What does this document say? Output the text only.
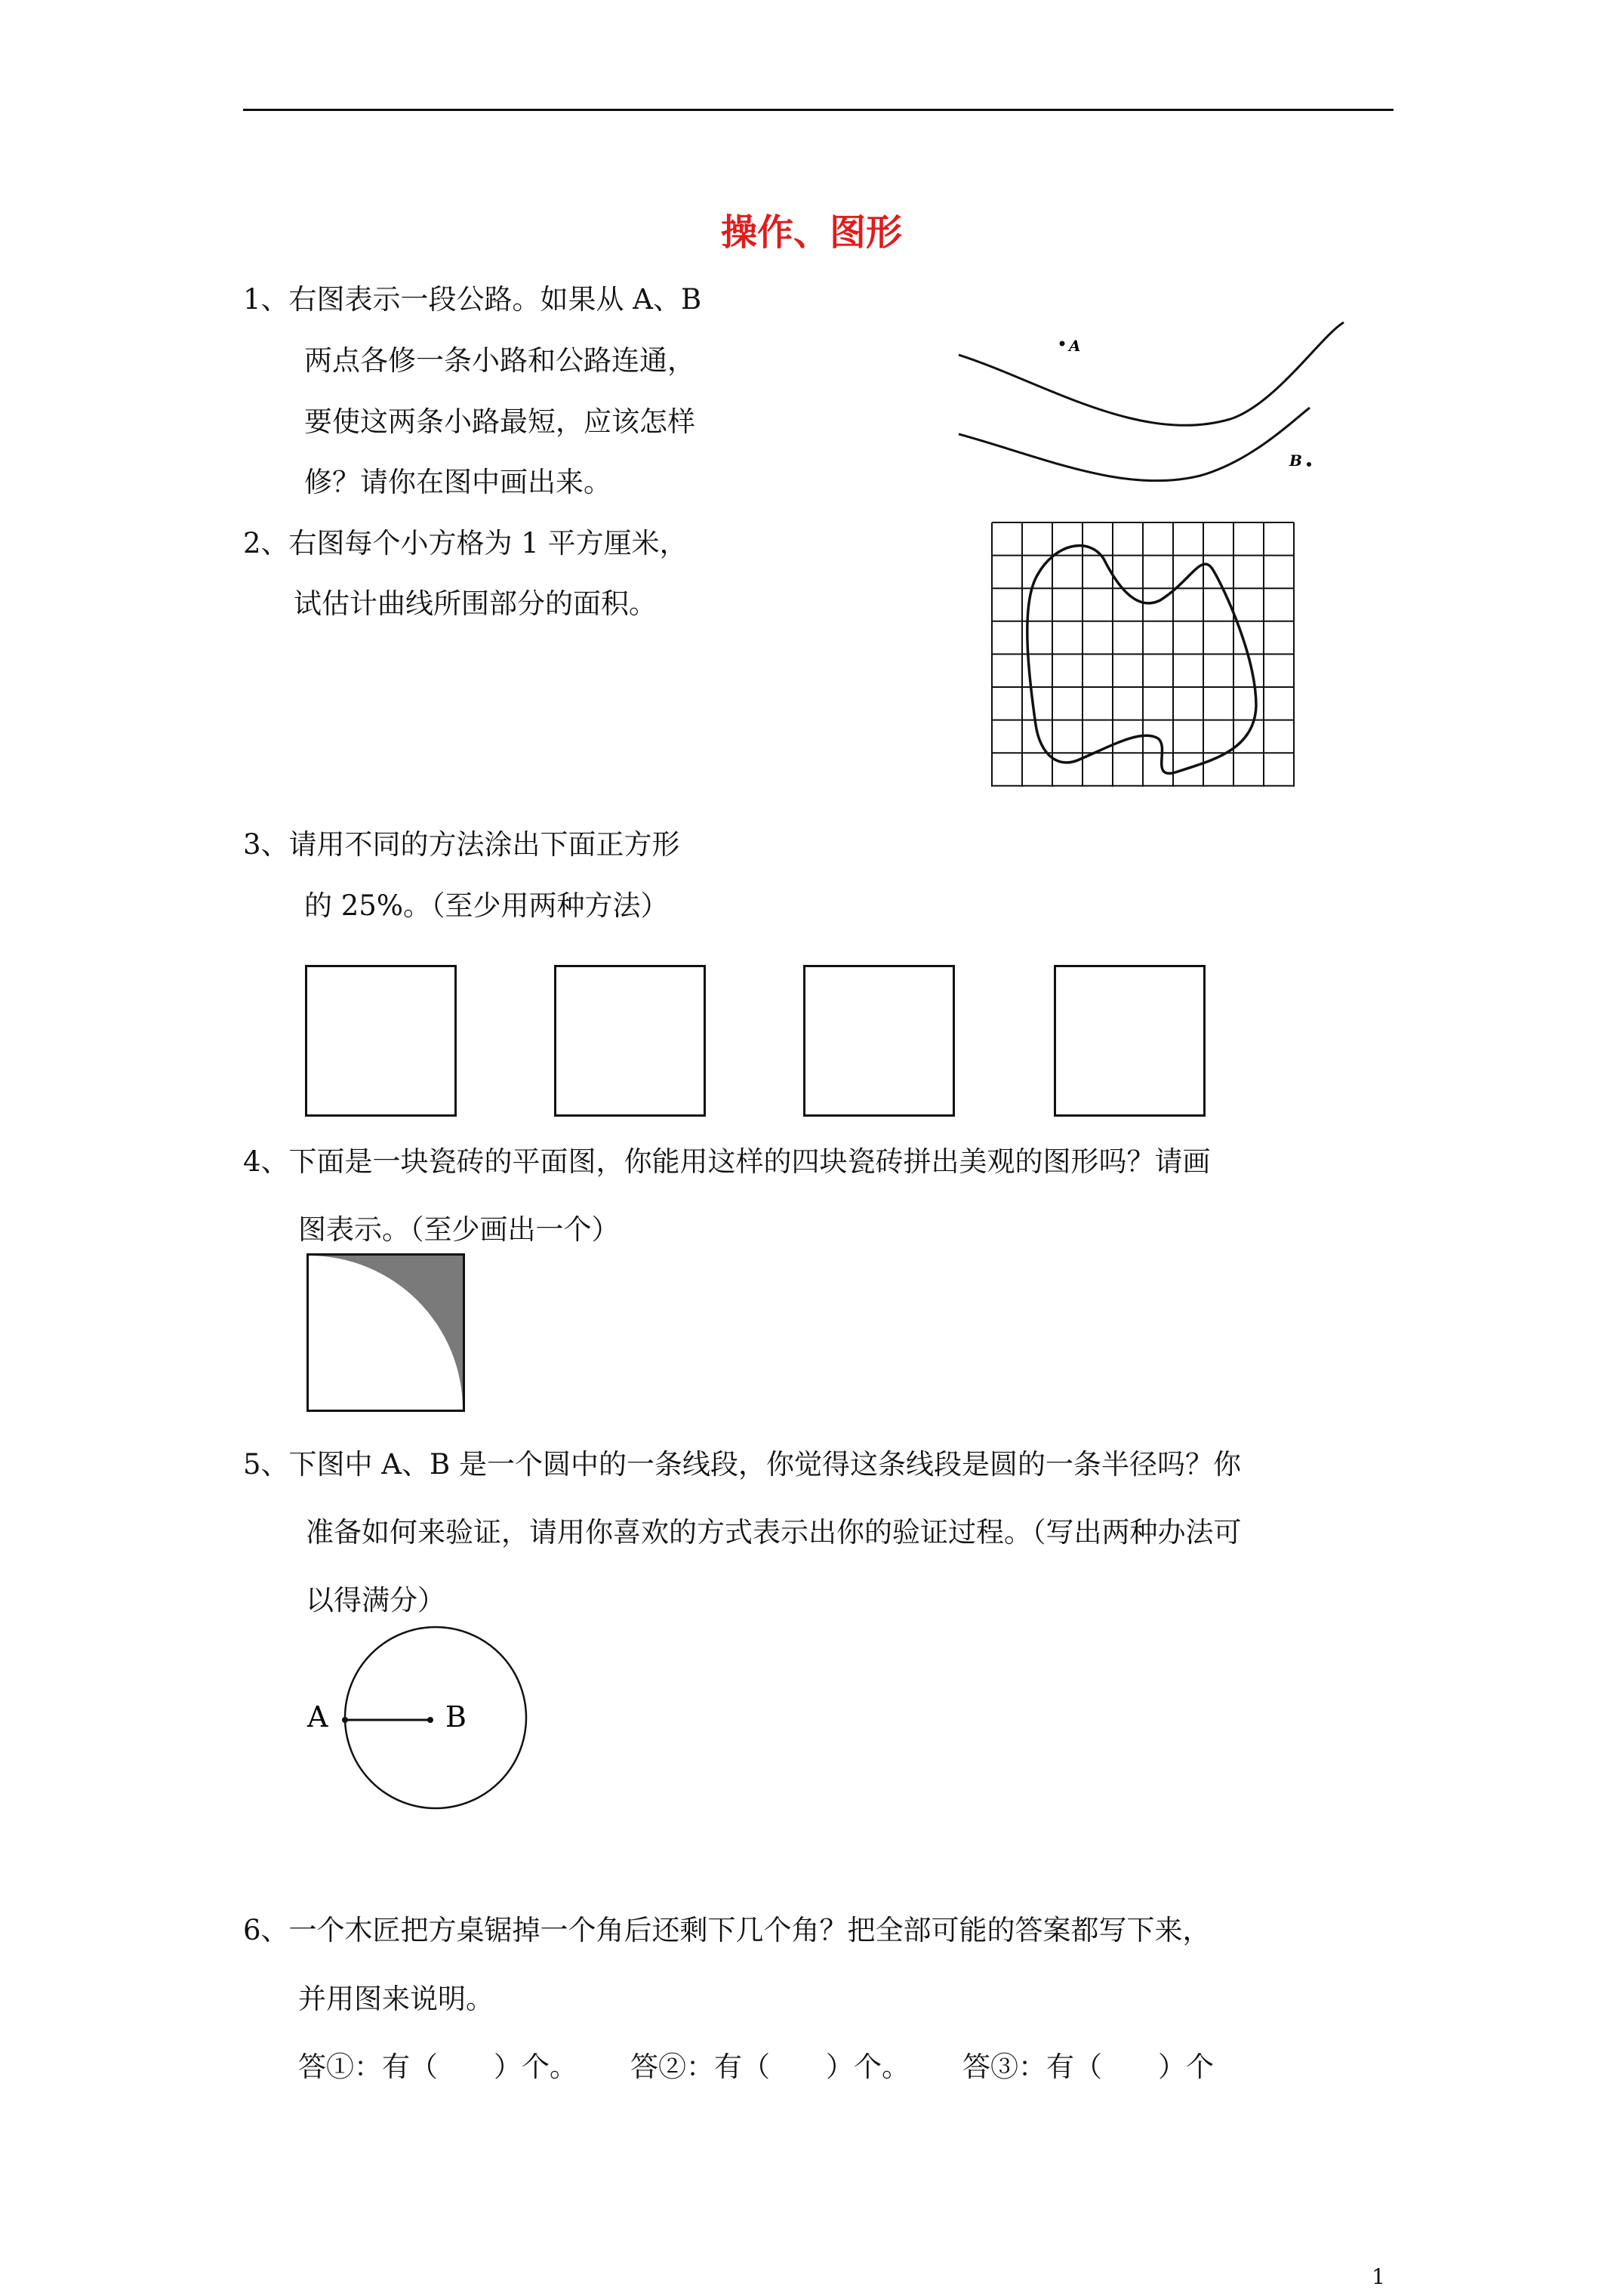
操作、图形
1、右图表示一段公路。如果从 A、B
两点各修一条小路和公路连通，
要使这两条小路最短，应该怎样
修？请你在图中画出来。
A
B
2、右图每个小方格为 1 平方厘米，
试估计曲线所围部分的面积。
3、请用不同的方法涂出下面正方形
的 25%。（至少用两种方法）
4、下面是一块瓷砖的平面图，你能用这样的四块瓷砖拼出美观的图形吗？请画
图表示。（至少画出一个）
5、下图中 A、B 是一个圆中的一条线段，你觉得这条线段是圆的一条半径吗？你
准备如何来验证，请用你喜欢的方式表示出你的验证过程。（写出两种办法可
以得满分）
A	B
6、一个木匠把方桌锯掉一个角后还剩下几个角？把全部可能的答案都写下来，
并用图来说明。
答①：有（　　）个。 答②：有（　　）个。 答③：有（　　）个
1
